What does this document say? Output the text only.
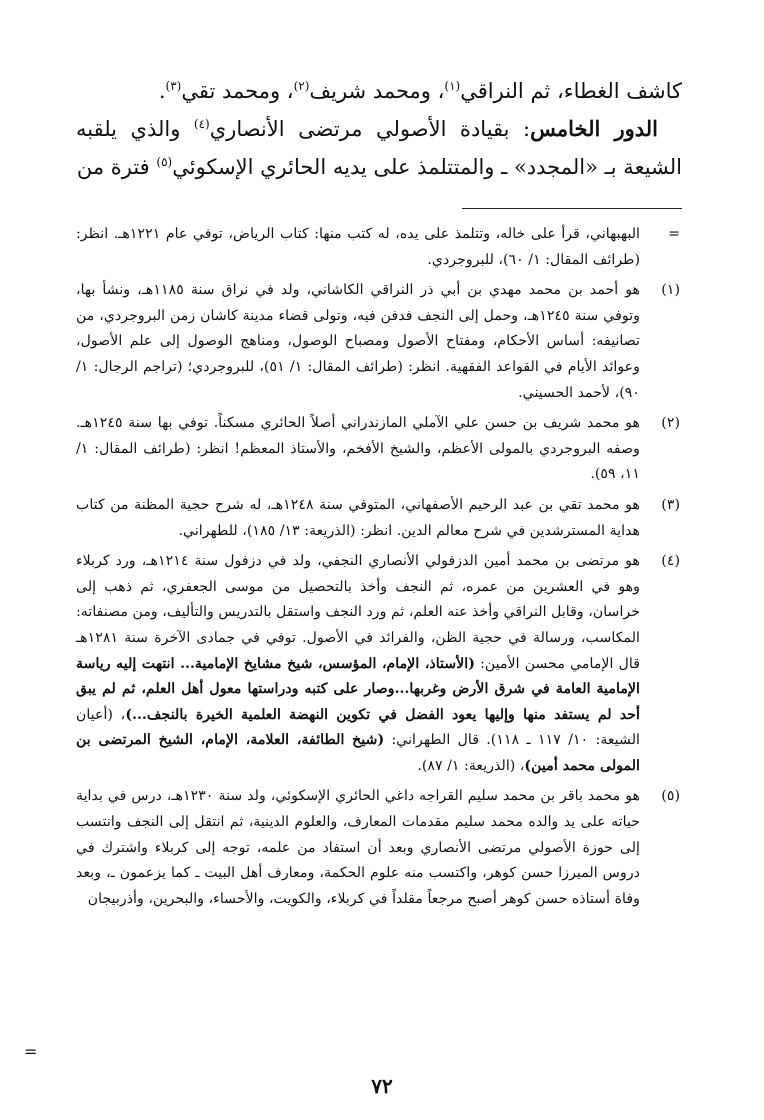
كاشف الغطاء، ثم النراقي$^{(١)}$، ومحمد شريف$^{(٢)}$، ومحمد تقي$^{(٣)}$.

الدور الخامس: بقيادة الأصولي مرتضى الأنصاري$^{(٤)}$ والذي يلقبه الشيعة بـ «المجدد» ـ والمتتلمذ على يديه الحائري الإسكوئي$^{(٥)}$ فترة من

=
البهبهاني، قرأ على خاله، وتتلمذ على يده، له كتب منها: كتاب الرياض، توفي عام ١٢٢١هـ. انظر: (طرائف المقال: ١/ ٦٠)، للبروجردي.
(١)
هو أحمد بن محمد مهدي بن أبي ذر النراقي الكاشاني، ولد في نراق سنة ١١٨٥هـ، ونشأ بها، وتوفي سنة ١٢٤٥هـ، وحمل إلى النجف فدفن فيه، وتولى قضاء مدينة كاشان زمن البروجردي، من تصانيفه: أساس الأحكام، ومفتاح الأصول ومصباح الوصول، ومناهج الوصول إلى علم الأصول، وعوائد الأيام في القواعد الفقهية. انظر: (طرائف المقال: ١/ ٥١)، للبروجردي؛ (تراجم الرجال: ١/ ٩٠)، لأحمد الحسيني.
(٢)
هو محمد شريف بن حسن علي الآملي المازندراني أصلاً الحائري مسكناً. توفي بها سنة ١٢٤٥هـ. وصفه البروجردي بالمولى الأعظم، والشيخ الأفخم، والأستاذ المعظم! انظر: (طرائف المقال: ١/ ١١، ٥٩).
(٣)
هو محمد تقي بن عبد الرحيم الأصفهاني، المتوفي سنة ١٢٤٨هـ، له شرح حجية المظنة من كتاب هداية المسترشدين في شرح معالم الدين. انظر: (الذريعة: ١٣/ ١٨٥)، للطهراني.
(٤)
هو مرتضى بن محمد أمين الدزفولي الأنصاري النجفي، ولد في دزفول سنة ١٢١٤هـ، ورد كربلاء وهو في العشرين من عمره، ثم النجف وأخذ بالتحصيل من موسى الجعفري، ثم ذهب إلى خراسان، وقابل النراقي وأخذ عنه العلم، ثم ورد النجف واستقل بالتدريس والتأليف، ومن مصنفاته: المكاسب، ورسالة في حجية الظن، والفرائد في الأصول. توفي في جمادى الآخرة سنة ١٢٨١هـ قال الإمامي محسن الأمين: (الأستاذ، الإمام، المؤسس، شيخ مشايخ الإمامية... انتهت إليه رياسة الإمامية العامة في شرق الأرض وغربها...وصار على كتبه ودراستها معول أهل العلم، ثم لم يبق أحد لم يستفد منها وإليها يعود الفضل في تكوين النهضة العلمية الخيرة بالنجف...)، (أعيان الشيعة: ١٠/ ١١٧ ـ ١١٨). قال الطهراني: (شيخ الطائفة، العلامة، الإمام، الشيخ المرتضى بن المولى محمد أمين)، (الذريعة: ١/ ٨٧).
(٥)
هو محمد باقر بن محمد سليم القراجه داغي الحائري الإسكوئي، ولد سنة ١٢٣٠هـ، درس في بداية حياته على يد والده محمد سليم مقدمات المعارف، والعلوم الدينية، ثم انتقل إلى النجف وانتسب إلى حوزة الأصولي مرتضى الأنصاري وبعد أن استفاد من علمه، توجه إلى كربلاء واشترك في دروس الميرزا حسن كوهر، واكتسب منه علوم الحكمة، ومعارف أهل البيت ـ كما يزعمون ـ، وبعد وفاة أستاذه حسن كوهر أصبح مرجعاً مقلداً في كربلاء، والكويت، والأحساء، والبحرين، وأذربيجان
=
٧٢
